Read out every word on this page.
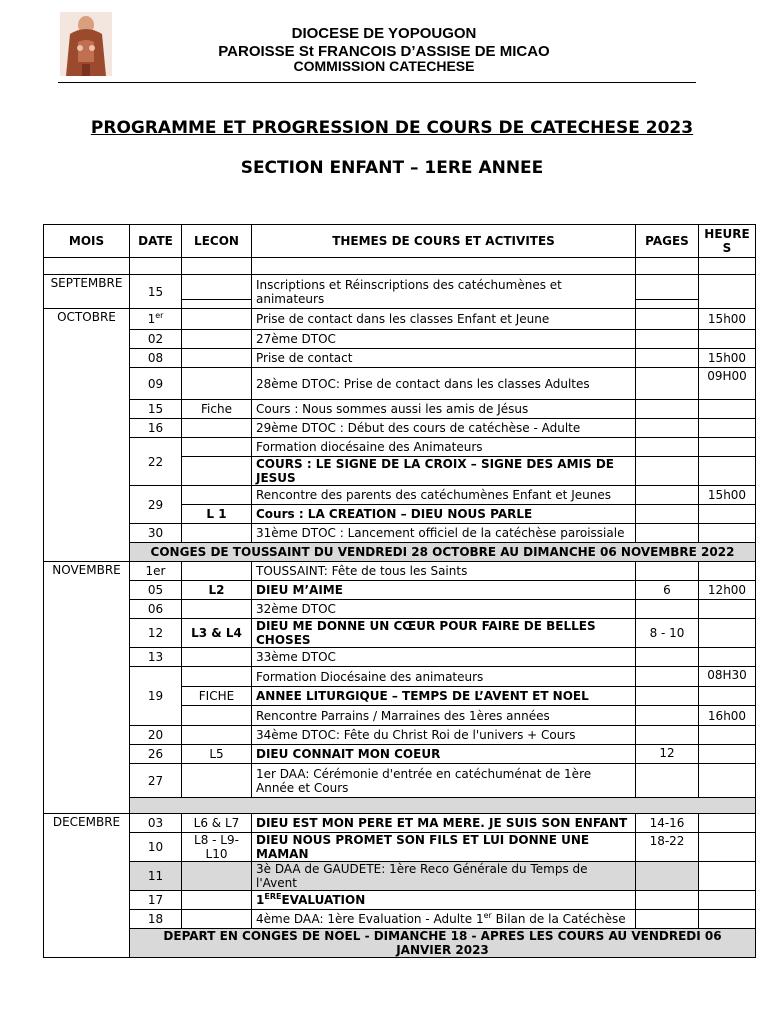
DIOCESE DE YOPOUGON
PAROISSE St FRANCOIS D’ASSISE DE MICAO
COMMISSION CATECHESE
PROGRAMME ET PROGRESSION DE COURS DE CATECHESE 2023
SECTION ENFANT – 1ERE ANNEE
MOIS	DATE	LECON	THEMES DE COURS ET ACTIVITES	PAGES	HEURE
S

SEPTEMBRE	15		Inscriptions et Réinscriptions des catéchumènes et animateurs	

OCTOBRE	1er		Prise de contact dans les classes Enfant et Jeune		15h00
	02		27ème DTOC		
	08		Prise de contact		15h00
	09		28ème DTOC: Prise de contact dans les classes Adultes		09H00
	15	Fiche	Cours : Nous sommes aussi les amis de Jésus		
	16		29ème DTOC : Début des cours de catéchèse - Adulte		
	22		Formation diocésaine des Animateurs		
			COURS : LE SIGNE DE LA CROIX – SIGNE DES AMIS DE JESUS		
	29		Rencontre des parents des catéchumènes Enfant et Jeunes		15h00
		L 1	Cours : LA CREATION – DIEU NOUS PARLE		
	30		31ème DTOC : Lancement officiel de la catéchèse paroissiale		
	CONGES DE TOUSSAINT DU VENDREDI 28 OCTOBRE AU DIMANCHE 06 NOVEMBRE 2022				
NOVEMBRE	1er		TOUSSAINT: Fête de tous les Saints		
	05	L2	DIEU M’AIME	6	12h00
	06		32ème DTOC		
	12	L3 & L4	DIEU ME DONNE UN CŒUR POUR FAIRE DE BELLES CHOSES	8 - 10	
	13		33ème DTOC		
	19		Formation Diocésaine des animateurs		08H30
		FICHE	ANNEE LITURGIQUE – TEMPS DE L’AVENT ET NOEL		
			Rencontre Parrains / Marraines des 1ères années		16h00
	20		34ème DTOC: Fête du Christ Roi de l'univers + Cours		
	26	L5	DIEU CONNAIT MON COEUR	12	
	27		1er DAA: Cérémonie d'entrée en catéchuménat de 1ère Année et Cours		

DECEMBRE	03	L6 & L7	DIEU EST MON PERE ET MA MERE. JE SUIS SON ENFANT	14-16	
	10	L8 - L9- L10	DIEU NOUS PROMET SON FILS ET LUI DONNE UNE MAMAN	18-22	
	11		3è DAA de GAUDETE: 1ère Reco Générale du Temps de l'Avent		
	17		1EREEVALUATION		
	18		4ème DAA: 1ère Evaluation - Adulte 1er Bilan de la Catéchèse		
	DEPART EN CONGES DE NOEL - DIMANCHE 18 - APRES LES COURS AU VENDREDI 06 JANVIER 2023				
